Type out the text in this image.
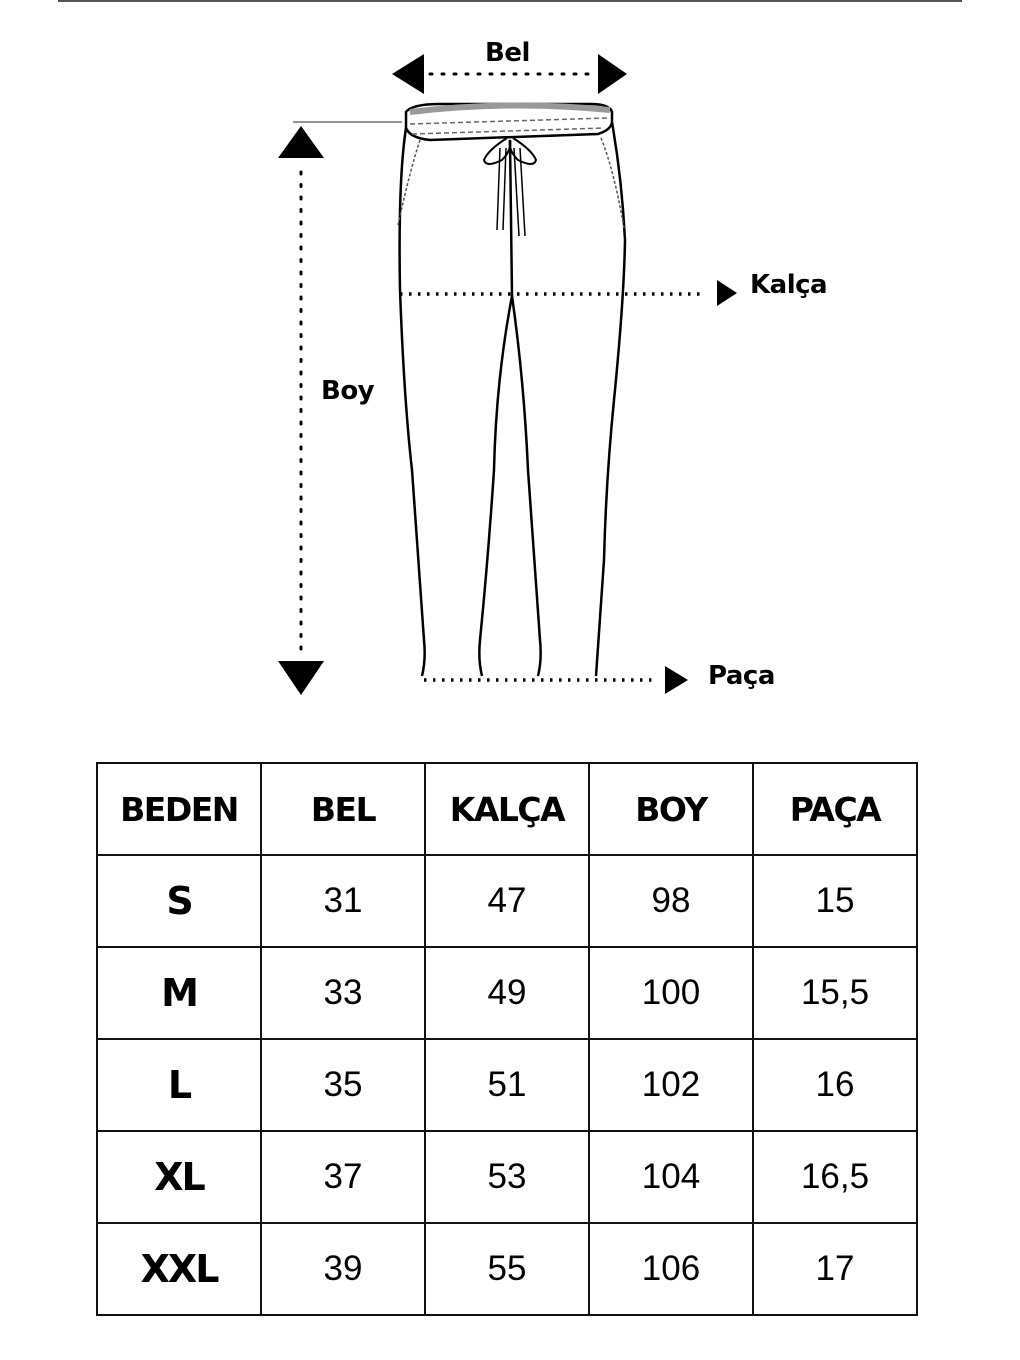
Bel
Kalça
Boy
Paça
BEDEN	BEL	KALÇA	BOY	PAÇA
S	31	47	98	15
M	33	49	100	15,5
L	35	51	102	16
XL	37	53	104	16,5
XXL	39	55	106	17
